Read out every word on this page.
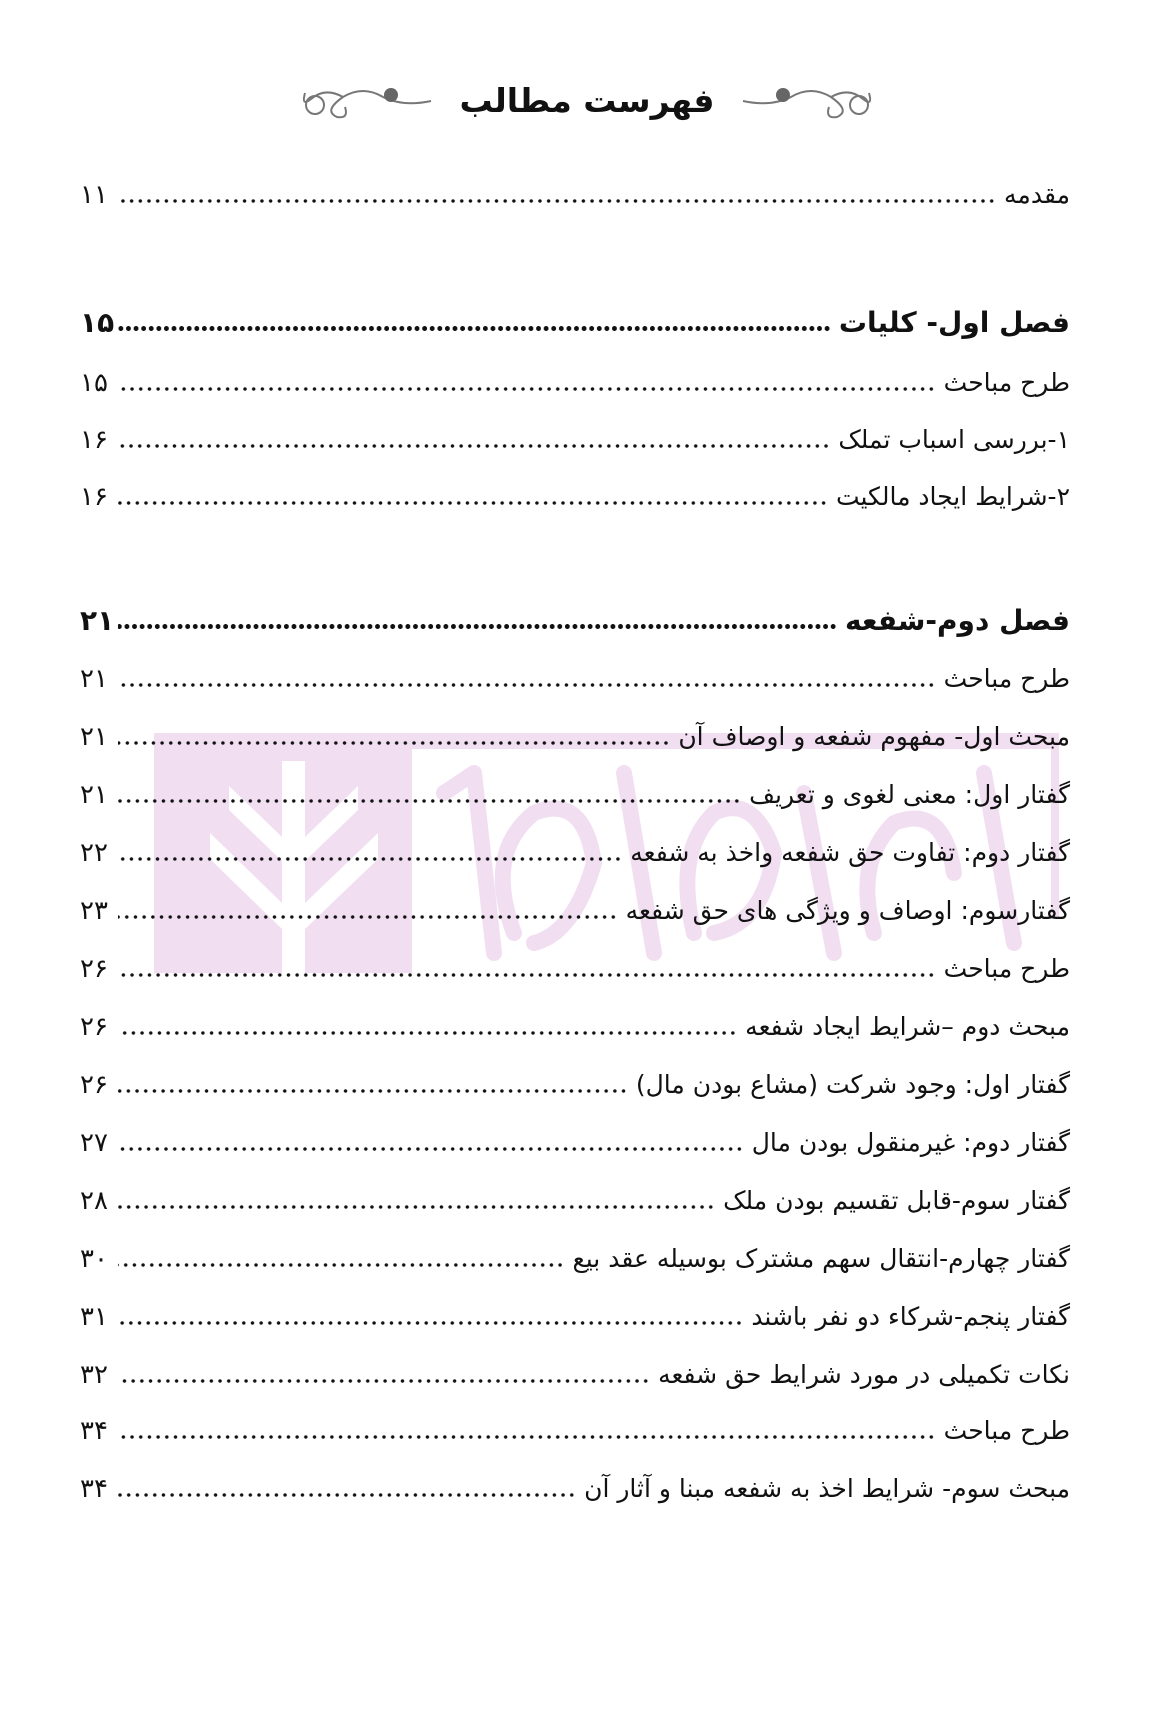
فهرست مطالب
مقدمه
۱۱
فصل اول- کلیات
۱۵
طرح مباحث
۱۵
۱-بررسی اسباب تملک
۱۶
۲-شرایط ایجاد مالکیت
۱۶
فصل دوم-شفعه
۲۱
طرح مباحث
۲۱
مبحث اول- مفهوم شفعه و اوصاف آن
۲۱
گفتار اول: معنی لغوی و تعریف
۲۱
گفتار دوم: تفاوت حق شفعه واخذ به شفعه
۲۲
گفتارسوم: اوصاف و ویژگی های حق شفعه
۲۳
طرح مباحث
۲۶
مبحث دوم –شرایط ایجاد شفعه
۲۶
گفتار اول: وجود شرکت (مشاع بودن مال)
۲۶
گفتار دوم: غیرمنقول بودن مال
۲۷
گفتار سوم-قابل تقسیم بودن ملک
۲۸
گفتار چهارم-انتقال سهم مشترک بوسیله عقد بیع
۳۰
گفتار پنجم-شرکاء دو نفر باشند
۳۱
نکات تکمیلی در مورد شرایط حق شفعه
۳۲
طرح مباحث
۳۴
مبحث سوم- شرایط اخذ به شفعه مبنا و آثار آن
۳۴
